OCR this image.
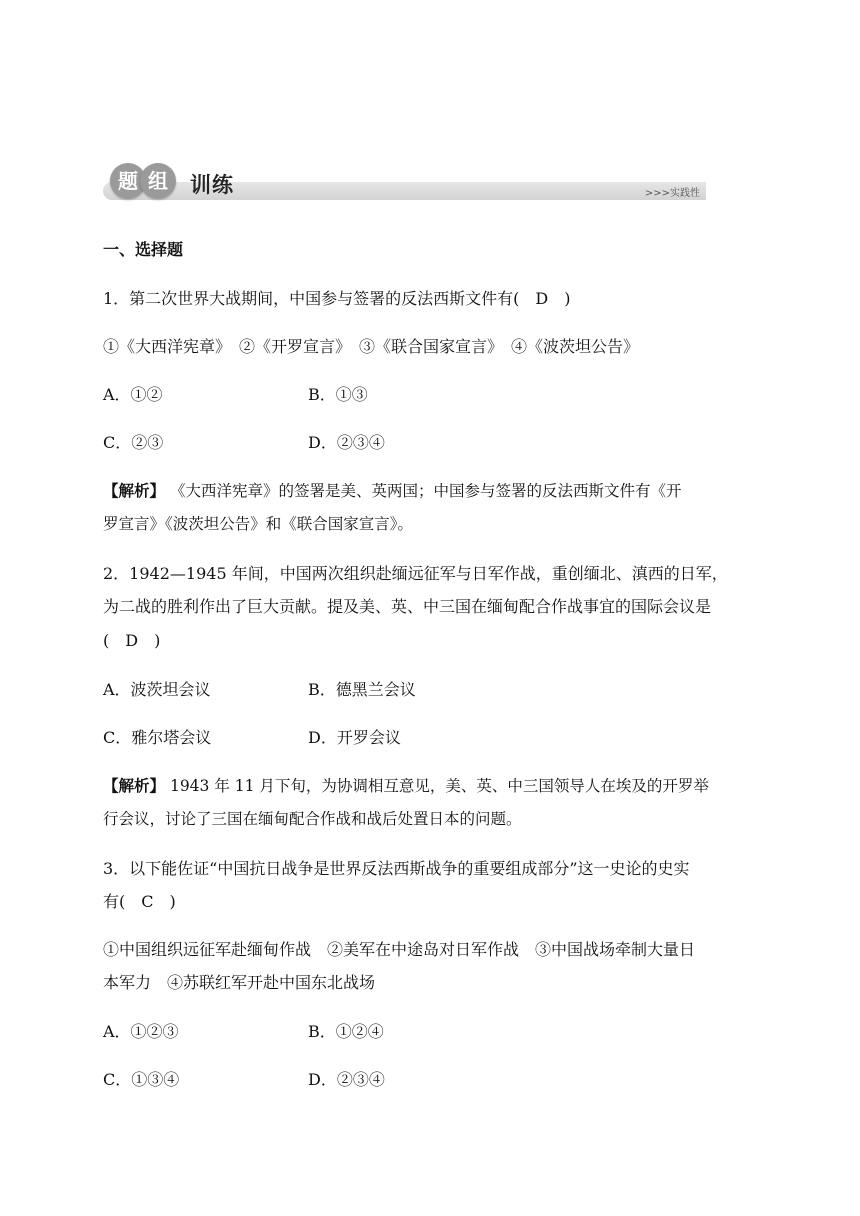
题 组	训练	>>>实践性
一、选择题
1．第二次世界大战期间，中国参与签署的反法西斯文件有(　D　)
①《大西洋宪章》　②《开罗宣言》　③《联合国家宣言》　④《波茨坦公告》
A．①②	B．①③
C．②③	D．②③④
【解析】 《大西洋宪章》的签署是美、英两国；中国参与签署的反法西斯文件有《开
罗宣言》《波茨坦公告》和《联合国家宣言》。
2．1942—1945 年间，中国两次组织赴缅远征军与日军作战，重创缅北、滇西的日军，
为二战的胜利作出了巨大贡献。提及美、英、中三国在缅甸配合作战事宜的国际会议是
(　D　)
A．波茨坦会议	B．德黑兰会议
C．雅尔塔会议	D．开罗会议
【解析】 1943 年 11 月下旬，为协调相互意见，美、英、中三国领导人在埃及的开罗举
行会议，讨论了三国在缅甸配合作战和战后处置日本的问题。
3．以下能佐证“中国抗日战争是世界反法西斯战争的重要组成部分”这一史论的史实
有(　C　)
①中国组织远征军赴缅甸作战　②美军在中途岛对日军作战　③中国战场牵制大量日
本军力　④苏联红军开赴中国东北战场
A．①②③	B．①②④
C．①③④	D．②③④
